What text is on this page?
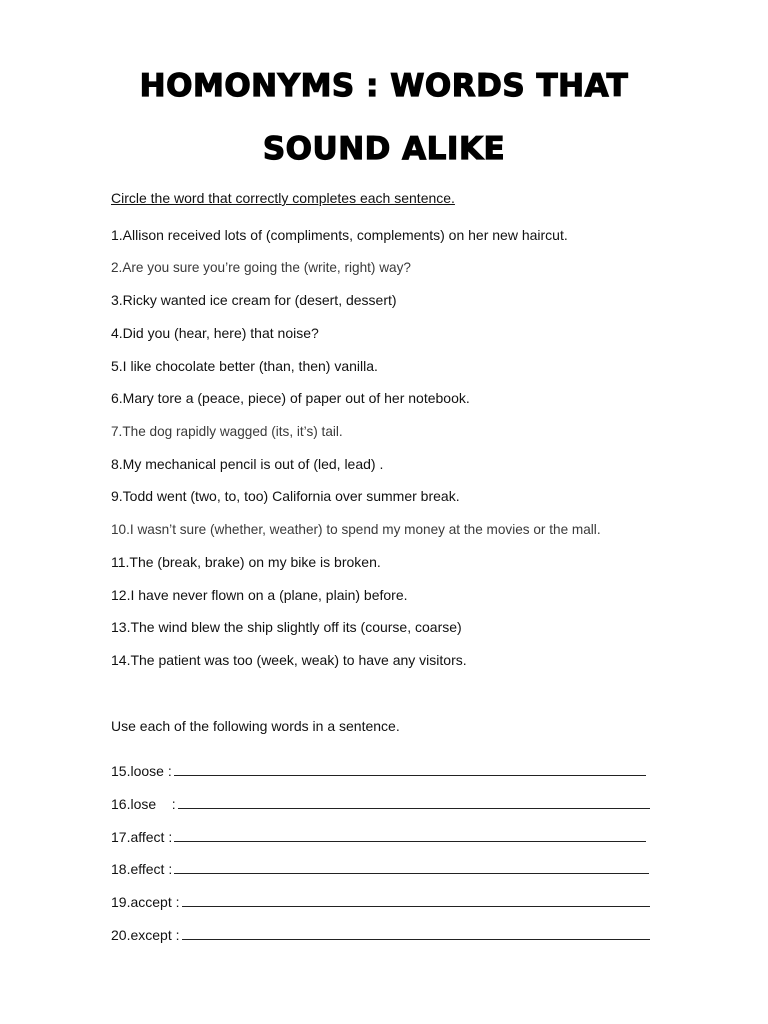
HOMONYMS : WORDS THAT
SOUND ALIKE
Circle the word that correctly completes each sentence.
1.Allison received lots of (compliments, complements) on her new haircut.
2.Are you sure you’re going the (write, right) way?
3.Ricky wanted ice cream for (desert, dessert)
4.Did you (hear, here) that noise?
5.I like chocolate better (than, then) vanilla.
6.Mary tore a (peace, piece) of paper out of her notebook.
7.The dog rapidly wagged (its, it’s) tail.
8.My mechanical pencil is out of (led, lead) .
9.Todd went (two, to, too) California over summer break.
10.I wasn’t sure (whether, weather) to spend my money at the movies or the mall.
11.The (break, brake) on my bike is broken.
12.I have never flown on a (plane, plain) before.
13.The wind blew the ship slightly off its (course, coarse)
14.The patient was too (week, weak) to have any visitors.
Use each of the following words in a sentence.
15.loose :
16.lose    :
17.affect :
18.effect :
19.accept :
20.except :
